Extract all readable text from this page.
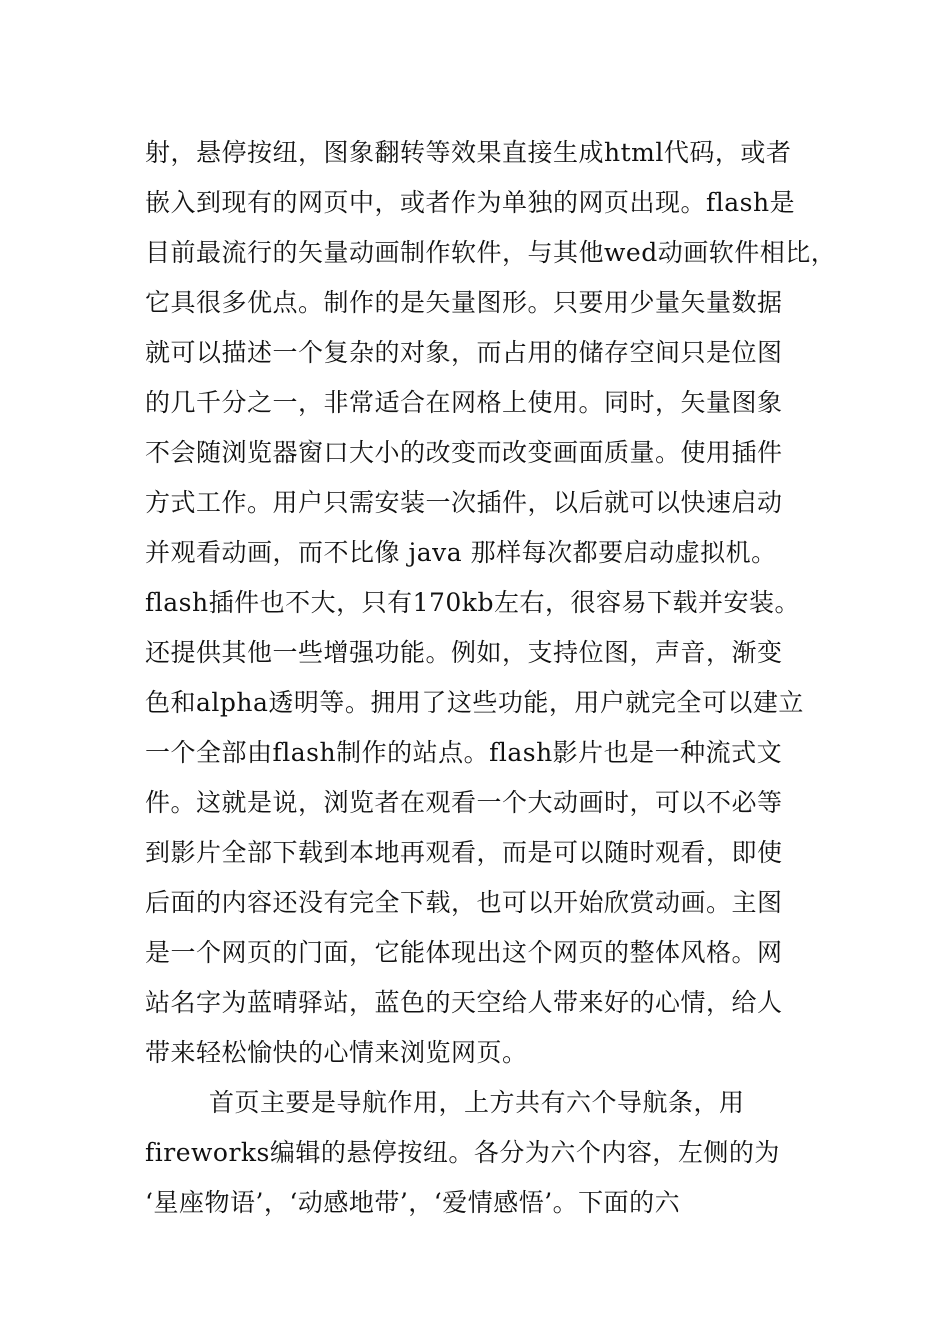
射，悬停按纽，图象翻转等效果直接生成html代码，或者
嵌入到现有的网页中，或者作为单独的网页出现。flash是
目前最流行的矢量动画制作软件，与其他wed动画软件相比，
它具很多优点。制作的是矢量图形。只要用少量矢量数据
就可以描述一个复杂的对象，而占用的储存空间只是位图
的几千分之一，非常适合在网格上使用。同时，矢量图象
不会随浏览器窗口大小的改变而改变画面质量。使用插件
方式工作。用户只需安装一次插件，以后就可以快速启动
并观看动画，而不比像 java 那样每次都要启动虚拟机。
flash插件也不大，只有170kb左右，很容易下载并安装。
还提供其他一些增强功能。例如，支持位图，声音，渐变
色和alpha透明等。拥用了这些功能，用户就完全可以建立
一个全部由flash制作的站点。flash影片也是一种流式文
件。这就是说，浏览者在观看一个大动画时，可以不必等
到影片全部下载到本地再观看，而是可以随时观看，即使
后面的内容还没有完全下载，也可以开始欣赏动画。主图
是一个网页的门面，它能体现出这个网页的整体风格。网
站名字为蓝晴驿站，蓝色的天空给人带来好的心情，给人
带来轻松愉快的心情来浏览网页。
首页主要是导航作用，上方共有六个导航条，用
fireworks编辑的悬停按纽。各分为六个内容，左侧的为
‘星座物语’，‘动感地带’，‘爱情感悟’。下面的六
